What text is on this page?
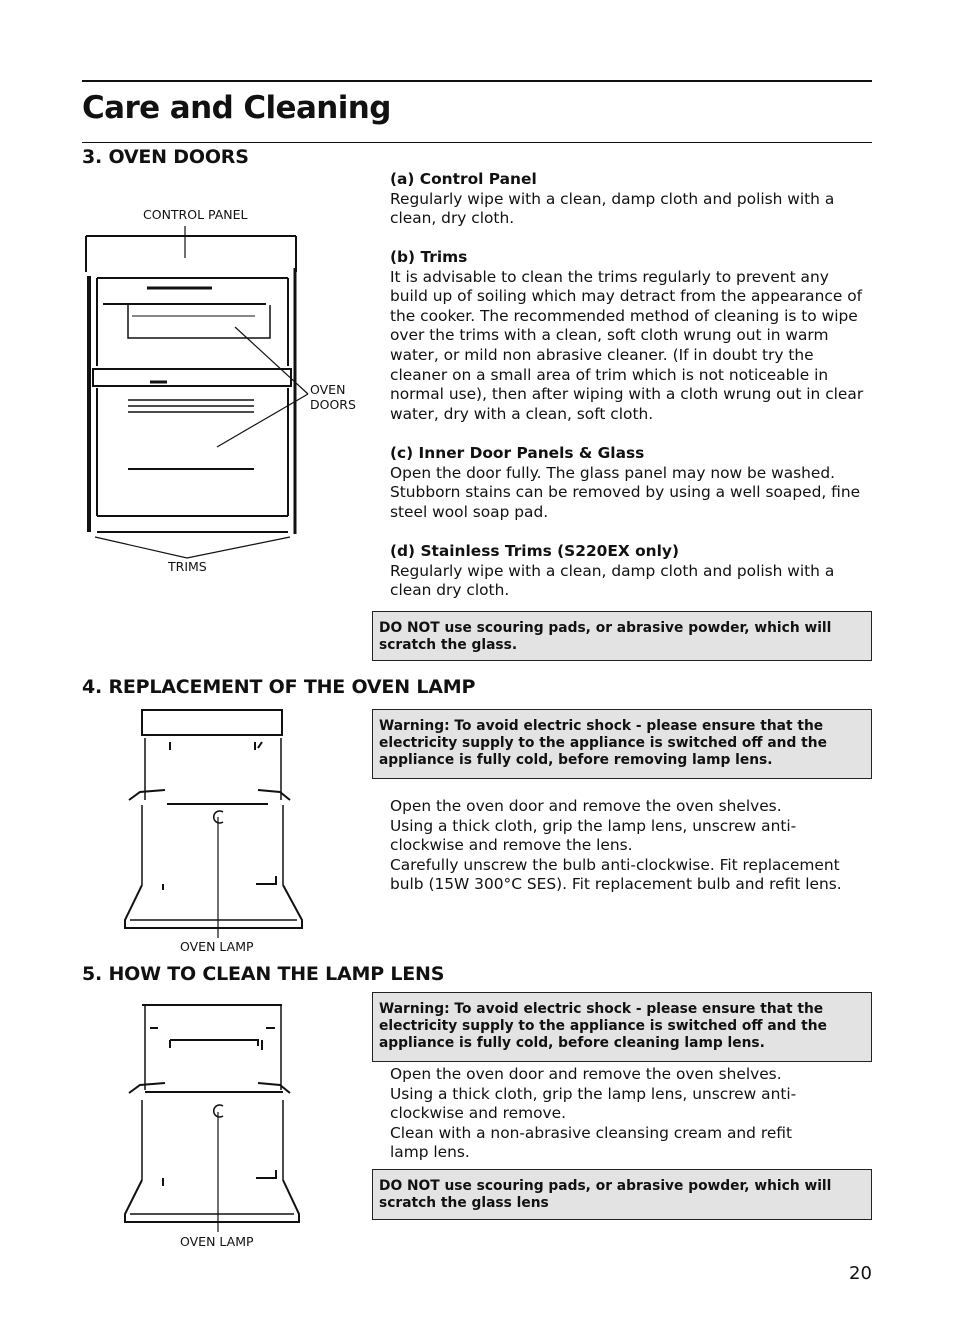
Care and Cleaning
3. OVEN DOORS
CONTROL PANEL
OVEN
DOORS
TRIMS
(a) Control Panel
Regularly wipe with a clean, damp cloth and polish with a
clean, dry cloth.
(b) Trims
It is advisable to clean the trims regularly to prevent any
build up of soiling which may detract from the appearance of
the cooker. The recommended method of cleaning is to wipe
over the trims with a clean, soft cloth wrung out in warm
water, or mild non abrasive cleaner. (If in doubt try the
cleaner on a small area of trim which is not noticeable in
normal use), then after wiping with a cloth wrung out in clear
water, dry with a clean, soft cloth.
(c) Inner Door Panels & Glass
Open the door fully. The glass panel may now be washed.
Stubborn stains can be removed by using a well soaped, fine
steel wool soap pad.
(d) Stainless Trims (S220EX only)
Regularly wipe with a clean, damp cloth and polish with a
clean dry cloth.
DO NOT use scouring pads, or abrasive powder, which will
scratch the glass.
4. REPLACEMENT OF THE OVEN LAMP
Warning: To avoid electric shock - please ensure that the
electricity supply to the appliance is switched off and the
appliance is fully cold, before removing lamp lens.
Open the oven door and remove the oven shelves.
Using a thick cloth, grip the lamp lens, unscrew anti-
clockwise and remove the lens.
Carefully unscrew the bulb anti-clockwise. Fit replacement
bulb (15W 300°C SES). Fit replacement bulb and refit lens.
OVEN LAMP
5. HOW TO CLEAN THE LAMP LENS
Warning: To avoid electric shock - please ensure that the
electricity supply to the appliance is switched off and the
appliance is fully cold, before cleaning lamp lens.
Open the oven door and remove the oven shelves.
Using a thick cloth, grip the lamp lens, unscrew anti-
clockwise and remove.
Clean with a non-abrasive cleansing cream and refit
lamp lens.
DO NOT use scouring pads, or abrasive powder, which will
scratch the glass lens
OVEN LAMP
20
